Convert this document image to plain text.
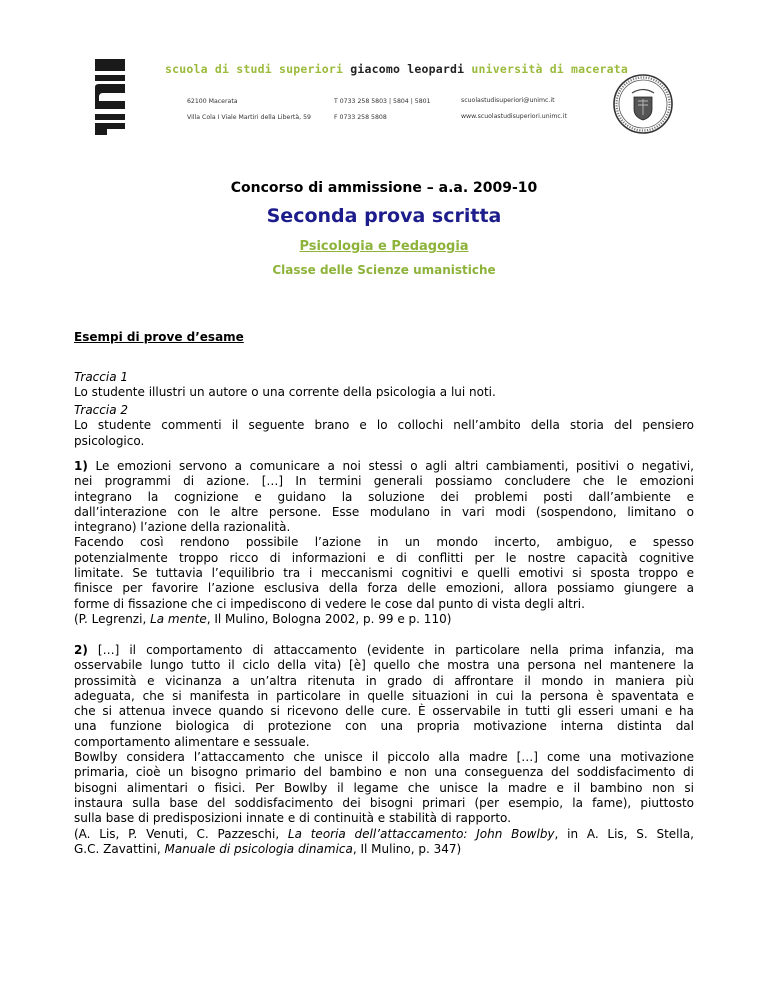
scuola di studi superiori giacomo leopardi università di macerata
62100 Macerata
Villa Cola I Viale Martiri della Libertà, 59
T 0733 258 5803 | 5804 | 5801
F 0733 258 5808
scuolastudisuperiori@unimc.it
www.scuolastudisuperiori.unimc.it
Concorso di ammissione – a.a. 2009-10
Seconda prova scritta
Psicologia e Pedagogia
Classe delle Scienze umanistiche
Esempi di prove d’esame

Traccia 1

Lo studente illustri un autore o una corrente della psicologia a lui noti.

Traccia 2

Lo studente commenti il seguente brano e lo collochi nell’ambito della storia del pensiero

psicologico.

1) Le emozioni servono a comunicare a noi stessi o agli altri cambiamenti, positivi o negativi,

nei programmi di azione. […] In termini generali possiamo concludere che le emozioni

integrano la cognizione e guidano la soluzione dei problemi posti dall’ambiente e

dall’interazione con le altre persone. Esse modulano in vari modi (sospendono, limitano o

integrano) l’azione della razionalità.

Facendo così rendono possibile l’azione in un mondo incerto, ambiguo, e spesso

potenzialmente troppo ricco di informazioni e di conflitti per le nostre capacità cognitive

limitate. Se tuttavia l’equilibrio tra i meccanismi cognitivi e quelli emotivi si sposta troppo e

finisce per favorire l’azione esclusiva della forza delle emozioni, allora possiamo giungere a

forme di fissazione che ci impediscono di vedere le cose dal punto di vista degli altri.

(P. Legrenzi, La mente, Il Mulino, Bologna 2002, p. 99 e p. 110)

2) […] il comportamento di attaccamento (evidente in particolare nella prima infanzia, ma

osservabile lungo tutto il ciclo della vita) [è] quello che mostra una persona nel mantenere la

prossimità e vicinanza a un’altra ritenuta in grado di affrontare il mondo in maniera più

adeguata, che si manifesta in particolare in quelle situazioni in cui la persona è spaventata e

che si attenua invece quando si ricevono delle cure. È osservabile in tutti gli esseri umani e ha

una funzione biologica di protezione con una propria motivazione interna distinta dal

comportamento alimentare e sessuale.

Bowlby considera l’attaccamento che unisce il piccolo alla madre […] come una motivazione

primaria, cioè un bisogno primario del bambino e non una conseguenza del soddisfacimento di

bisogni alimentari o fisici. Per Bowlby il legame che unisce la madre e il bambino non si

instaura sulla base del soddisfacimento dei bisogni primari (per esempio, la fame), piuttosto

sulla base di predisposizioni innate e di continuità e stabilità di rapporto.

(A. Lis, P. Venuti, C. Pazzeschi, La teoria dell’attaccamento: John Bowlby, in A. Lis, S. Stella,

G.C. Zavattini, Manuale di psicologia dinamica, Il Mulino, p. 347)
